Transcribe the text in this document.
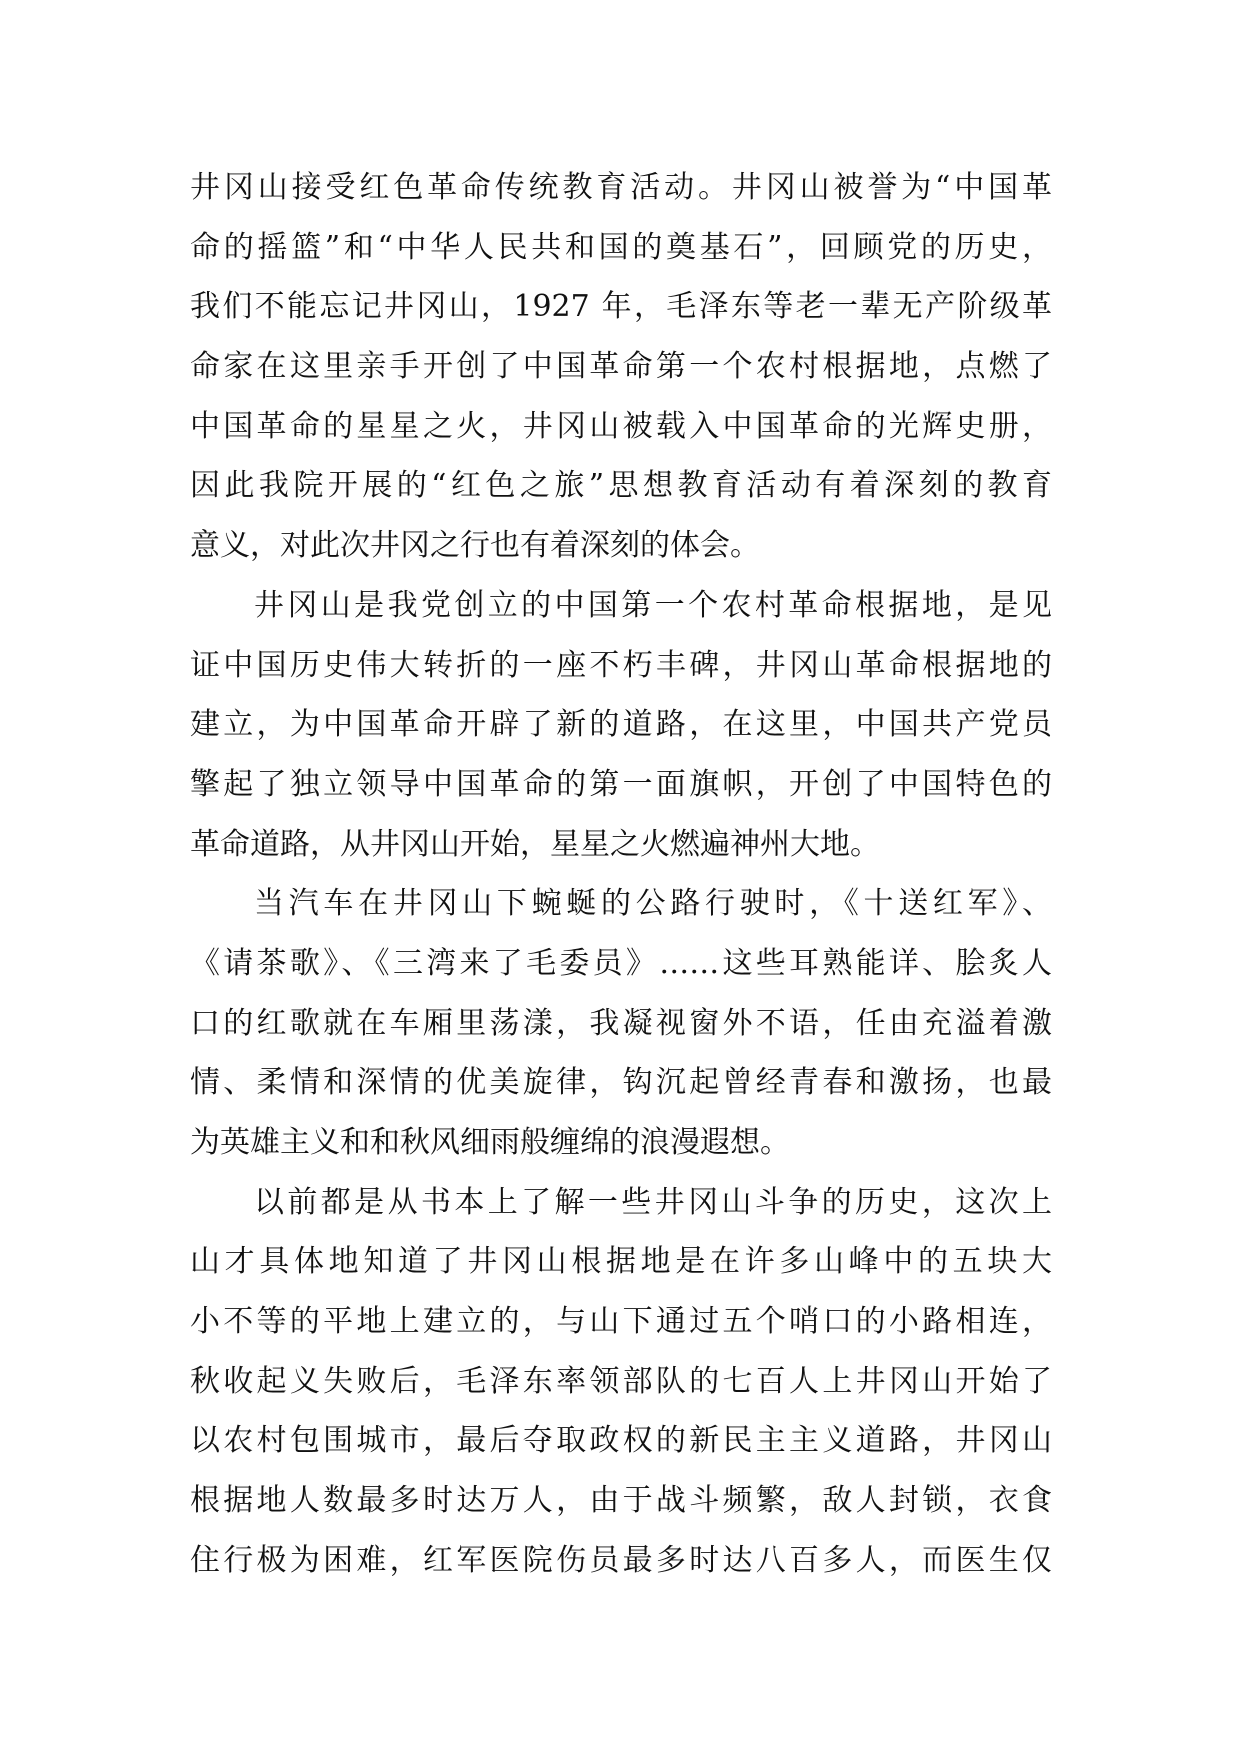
井冈山接受红色革命传统教育活动。井冈山被誉为“中国革
命的摇篮”和“中华人民共和国的奠基石”，回顾党的历史，
我们不能忘记井冈山，1927 年，毛泽东等老一辈无产阶级革
命家在这里亲手开创了中国革命第一个农村根据地，点燃了
中国革命的星星之火，井冈山被载入中国革命的光辉史册，
因此我院开展的“红色之旅”思想教育活动有着深刻的教育
意义，对此次井冈之行也有着深刻的体会。
井冈山是我党创立的中国第一个农村革命根据地，是见
证中国历史伟大转折的一座不朽丰碑，井冈山革命根据地的
建立，为中国革命开辟了新的道路，在这里，中国共产党员
擎起了独立领导中国革命的第一面旗帜，开创了中国特色的
革命道路，从井冈山开始，星星之火燃遍神州大地。
当汽车在井冈山下蜿蜒的公路行驶时，《十送红军》、
《请茶歌》、《三湾来了毛委员》……这些耳熟能详、脍炙人
口的红歌就在车厢里荡漾，我凝视窗外不语，任由充溢着激
情、柔情和深情的优美旋律，钩沉起曾经青春和激扬，也最
为英雄主义和和秋风细雨般缠绵的浪漫遐想。
以前都是从书本上了解一些井冈山斗争的历史，这次上
山才具体地知道了井冈山根据地是在许多山峰中的五块大
小不等的平地上建立的，与山下通过五个哨口的小路相连，
秋收起义失败后，毛泽东率领部队的七百人上井冈山开始了
以农村包围城市，最后夺取政权的新民主主义道路，井冈山
根据地人数最多时达万人，由于战斗频繁，敌人封锁，衣食
住行极为困难，红军医院伤员最多时达八百多人，而医生仅
